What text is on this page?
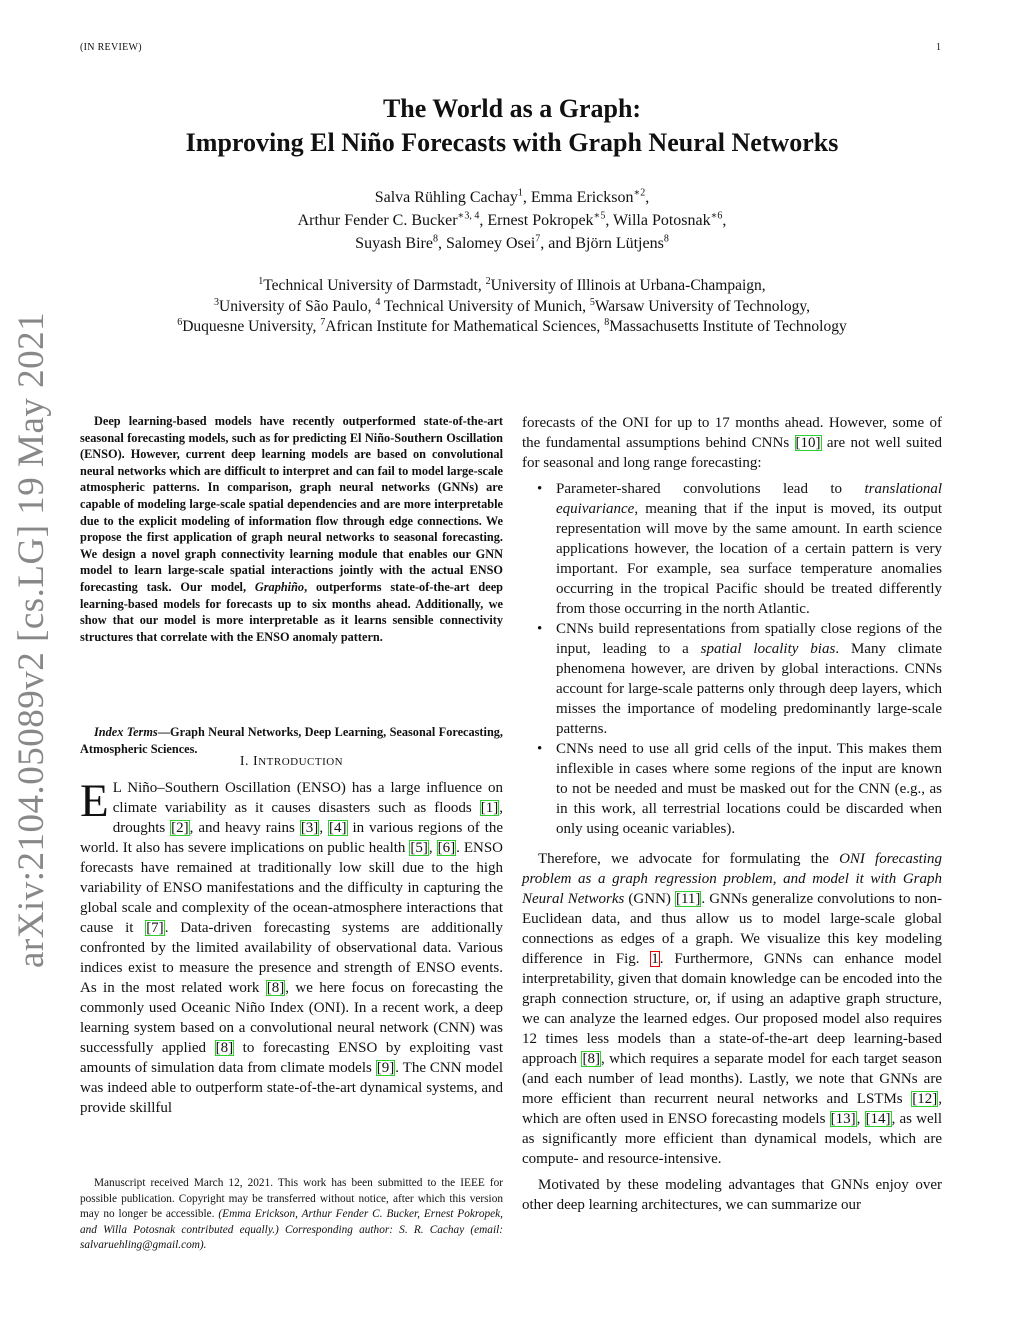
(IN REVIEW)	1
The World as a Graph:
Improving El Niño Forecasts with Graph Neural Networks
Salva Rühling Cachay$^1$, Emma Erickson$^{∗2}$,
Arthur Fender C. Bucker$^{∗3, 4}$, Ernest Pokropek$^{∗5}$, Willa Potosnak$^{∗6}$,
Suyash Bire$^8$, Salomey Osei$^7$, and Björn Lütjens$^8$
$^1$Technical University of Darmstadt, $^2$University of Illinois at Urbana-Champaign,
$^3$University of São Paulo, $^4$ Technical University of Munich, $^5$Warsaw University of Technology,
$^6$Duquesne University, $^7$African Institute for Mathematical Sciences, $^8$Massachusetts Institute of Technology
arXiv:2104.05089v2 [cs.LG] 19 May 2021	Deep learning-based models have recently outperformed state-of-the-art seasonal forecasting models, such as for predicting El Niño-Southern Oscillation (ENSO). However, current deep learning models are based on convolutional neural networks which are difficult to interpret and can fail to model large-scale atmospheric patterns. In comparison, graph neural networks (GNNs) are capable of modeling large-scale spatial dependencies and are more interpretable due to the explicit modeling of information flow through edge connections. We propose the first application of graph neural networks to seasonal forecasting. We design a novel graph connectivity learning module that enables our GNN model to learn large-scale spatial interactions jointly with the actual ENSO forecasting task. Our model, Graphiño, outperforms state-of-the-art deep learning-based models for forecasts up to six months ahead. Additionally, we show that our model is more interpretable as it learns sensible connectivity structures that correlate with the ENSO anomaly pattern.

Index Terms—Graph Neural Networks, Deep Learning, Seasonal Forecasting, Atmospheric Sciences.

I. INTRODUCTION

E L Niño–Southern Oscillation (ENSO) has a large influence on climate variability as it causes disasters such as floods [1], droughts [2], and heavy rains [3], [4] in various regions of the world. It also has severe implications on public health [5], [6]. ENSO forecasts have remained at traditionally low skill due to the high variability of ENSO manifestations and the difficulty in capturing the global scale and complexity of the ocean-atmosphere interactions that cause it [7]. Data-driven forecasting systems are additionally confronted by the limited availability of observational data. Various indices exist to measure the presence and strength of ENSO events. As in the most related work [8], we here focus on forecasting the commonly used Oceanic Niño Index (ONI). In a recent work, a deep learning system based on a convolutional neural network (CNN) was successfully applied [8] to forecasting ENSO by exploiting vast amounts of simulation data from climate models [9]. The CNN model was indeed able to outperform state-of-the-art dynamical systems, and provide skillful

Manuscript received March 12, 2021. This work has been submitted to the IEEE for possible publication. Copyright may be transferred without notice, after which this version may no longer be accessible. (Emma Erickson, Arthur Fender C. Bucker, Ernest Pokropek, and Willa Potosnak contributed equally.) Corresponding author: S. R. Cachay (email: salvaruehling@gmail.com).

forecasts of the ONI for up to 17 months ahead. However, some of the fundamental assumptions behind CNNs [10] are not well suited for seasonal and long range forecasting:

• Parameter-shared convolutions lead to translational equivariance, meaning that if the input is moved, its output representation will move by the same amount. In earth science applications however, the location of a certain pattern is very important. For example, sea surface temperature anomalies occurring in the tropical Pacific should be treated differently from those occurring in the north Atlantic.
• CNNs build representations from spatially close regions of the input, leading to a spatial locality bias. Many climate phenomena however, are driven by global interactions. CNNs account for large-scale patterns only through deep layers, which misses the importance of modeling predominantly large-scale patterns.
• CNNs need to use all grid cells of the input. This makes them inflexible in cases where some regions of the input are known to not be needed and must be masked out for the CNN (e.g., as in this work, all terrestrial locations could be discarded when only using oceanic variables).

Therefore, we advocate for formulating the ONI forecasting problem as a graph regression problem, and model it with Graph Neural Networks (GNN) [11]. GNNs generalize convolutions to non-Euclidean data, and thus allow us to model large-scale global connections as edges of a graph. We visualize this key modeling difference in Fig. 1. Furthermore, GNNs can enhance model interpretability, given that domain knowledge can be encoded into the graph connection structure, or, if using an adaptive graph structure, we can analyze the learned edges. Our proposed model also requires 12 times less models than a state-of-the-art deep learning-based approach [8], which requires a separate model for each target season (and each number of lead months). Lastly, we note that GNNs are more efficient than recurrent neural networks and LSTMs [12], which are often used in ENSO forecasting models [13], [14], as well as significantly more efficient than dynamical models, which are compute- and resource-intensive.

Motivated by these modeling advantages that GNNs enjoy over other deep learning architectures, we can summarize our
